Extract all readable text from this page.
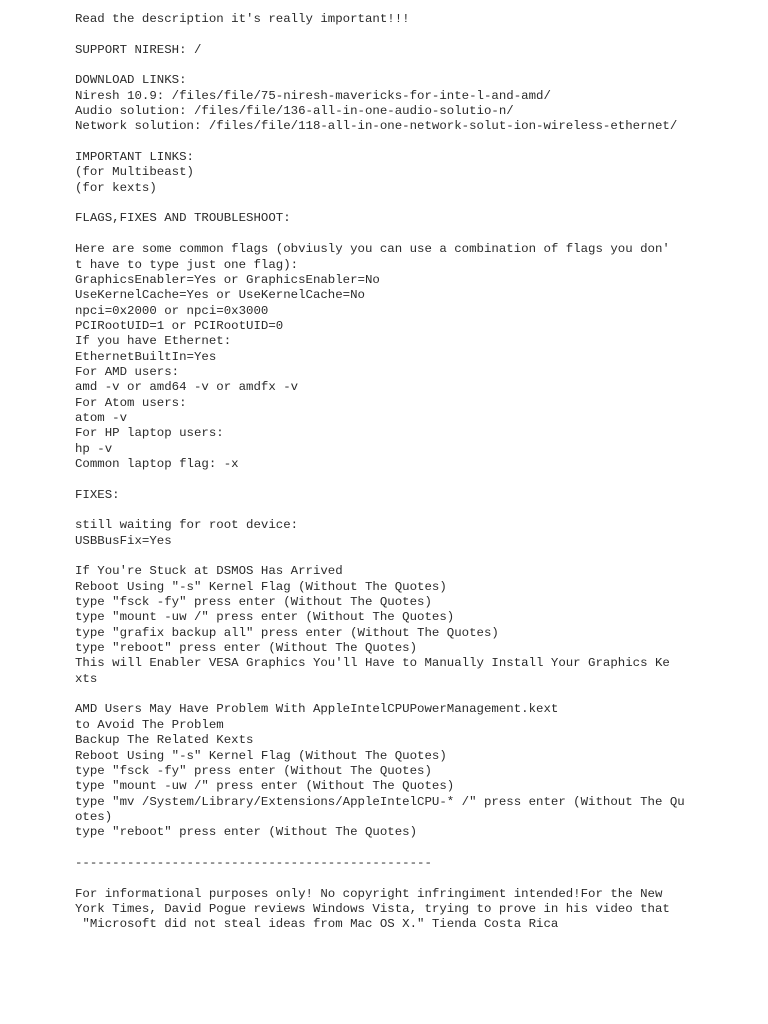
Read the description it's really important!!!
SUPPORT NIRESH: /
DOWNLOAD LINKS:
Niresh 10.9: /files/file/75-niresh-mavericks-for-inte-l-and-amd/
Audio solution: /files/file/136-all-in-one-audio-solutio-n/
Network solution: /files/file/118-all-in-one-network-solut-ion-wireless-ethernet/
IMPORTANT LINKS:
(for Multibeast)
(for kexts)
FLAGS,FIXES AND TROUBLESHOOT:
Here are some common flags (obviusly you can use a combination of flags you don'
t have to type just one flag):
GraphicsEnabler=Yes or GraphicsEnabler=No
UseKernelCache=Yes or UseKernelCache=No
npci=0x2000 or npci=0x3000
PCIRootUID=1 or PCIRootUID=0
If you have Ethernet:
EthernetBuiltIn=Yes
For AMD users:
amd -v or amd64 -v or amdfx -v
For Atom users:
atom -v
For HP laptop users:
hp -v
Common laptop flag: -x
FIXES:
still waiting for root device:
USBBusFix=Yes
If You're Stuck at DSMOS Has Arrived
Reboot Using "-s" Kernel Flag (Without The Quotes)
type "fsck -fy" press enter (Without The Quotes)
type "mount -uw /" press enter (Without The Quotes)
type "grafix backup all" press enter (Without The Quotes)
type "reboot" press enter (Without The Quotes)
This will Enabler VESA Graphics You'll Have to Manually Install Your Graphics Ke
xts
AMD Users May Have Problem With AppleIntelCPUPowerManagement.kext
to Avoid The Problem
Backup The Related Kexts
Reboot Using "-s" Kernel Flag (Without The Quotes)
type "fsck -fy" press enter (Without The Quotes)
type "mount -uw /" press enter (Without The Quotes)
type "mv /System/Library/Extensions/AppleIntelCPU-* /" press enter (Without The Qu
otes)
type "reboot" press enter (Without The Quotes)
------------------------------------------------
For informational purposes only! No copyright infringiment intended!For the New
York Times, David Pogue reviews Windows Vista, trying to prove in his video that
"Microsoft did not steal ideas from Mac OS X." Tienda Costa Rica
